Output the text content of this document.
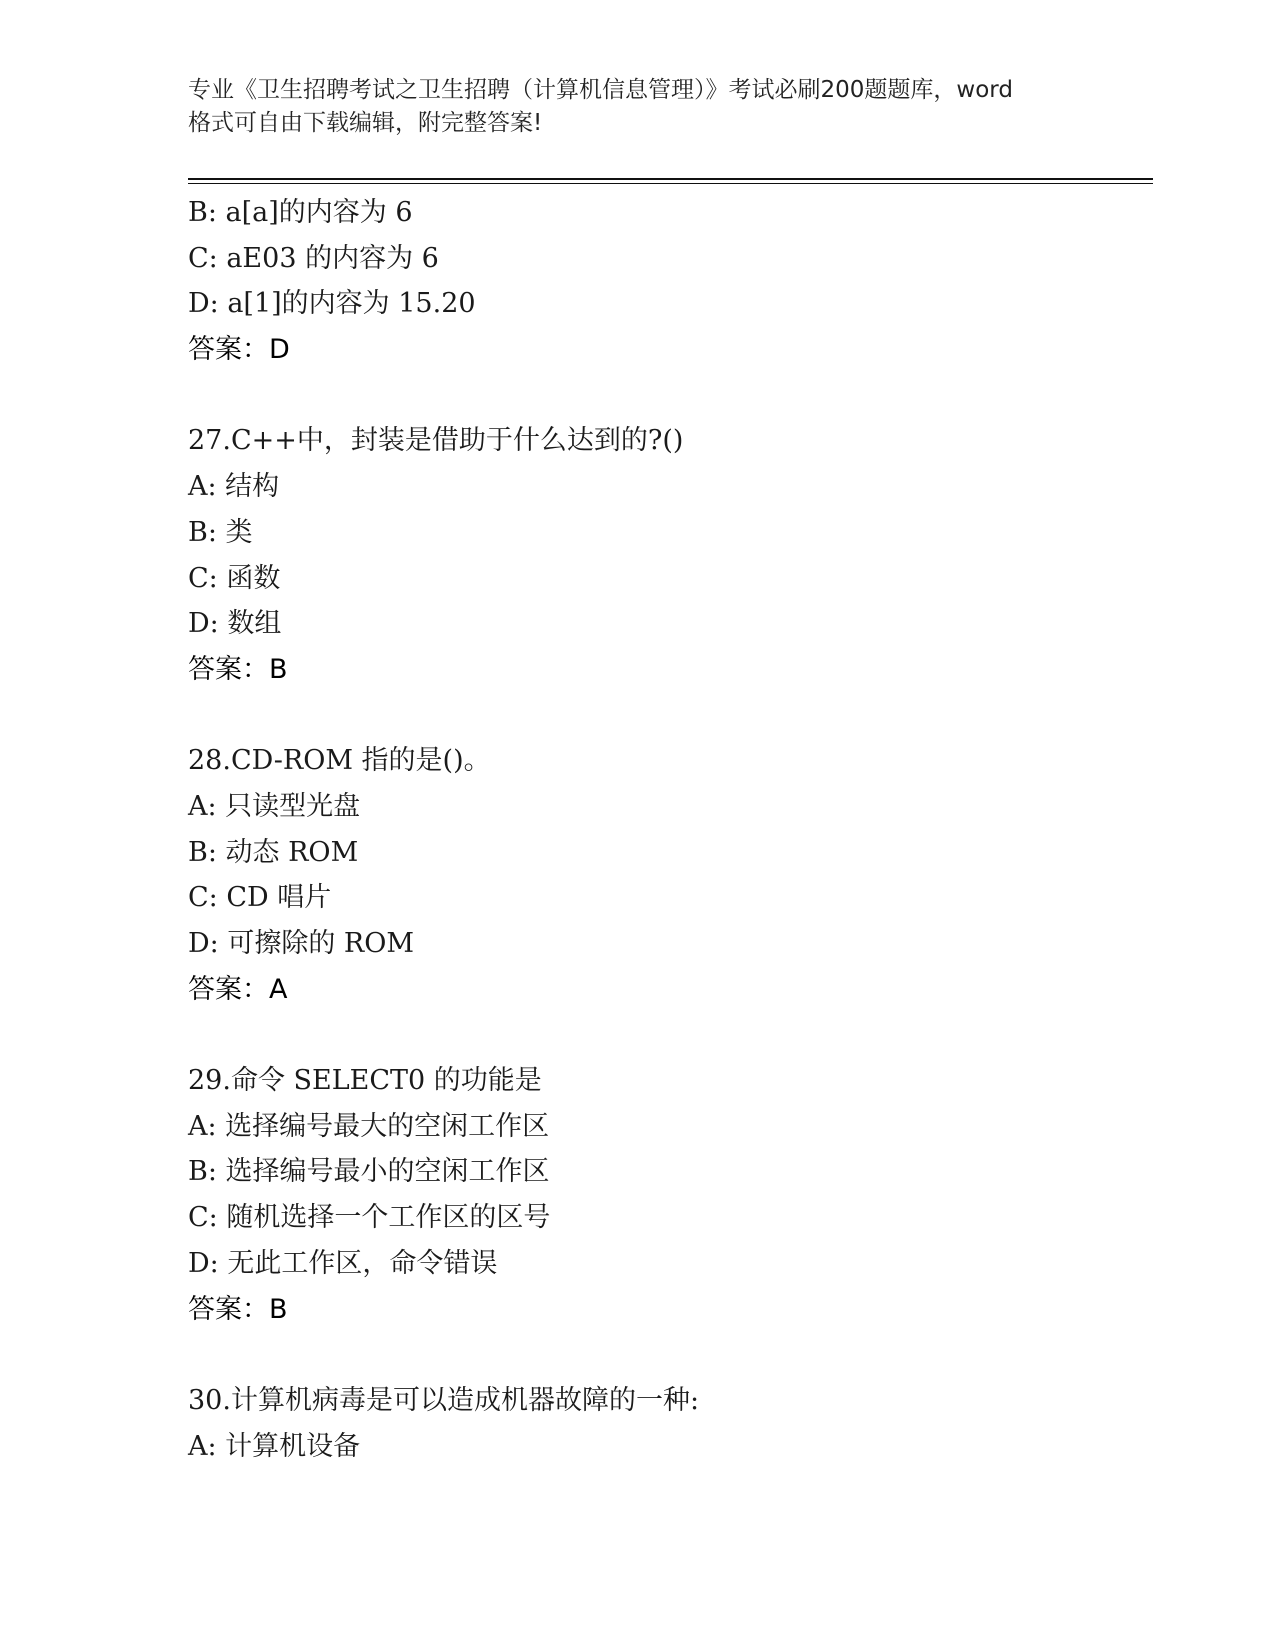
专业《卫生招聘考试之卫生招聘（计算机信息管理）》考试必刷200题题库，word
格式可自由下载编辑，附完整答案!
B: a[a]的内容为 6
C: aE03 的内容为 6
D: a[1]的内容为 15.20
答案：D
27.C++中，封装是借助于什么达到的?()
A: 结构
B: 类
C: 函数
D: 数组
答案：B
28.CD-ROM 指的是()。
A: 只读型光盘
B: 动态 ROM
C: CD 唱片
D: 可擦除的 ROM
答案：A
29.命令 SELECT0 的功能是
A: 选择编号最大的空闲工作区
B: 选择编号最小的空闲工作区
C: 随机选择一个工作区的区号
D: 无此工作区，命令错误
答案：B
30.计算机病毒是可以造成机器故障的一种:
A: 计算机设备
